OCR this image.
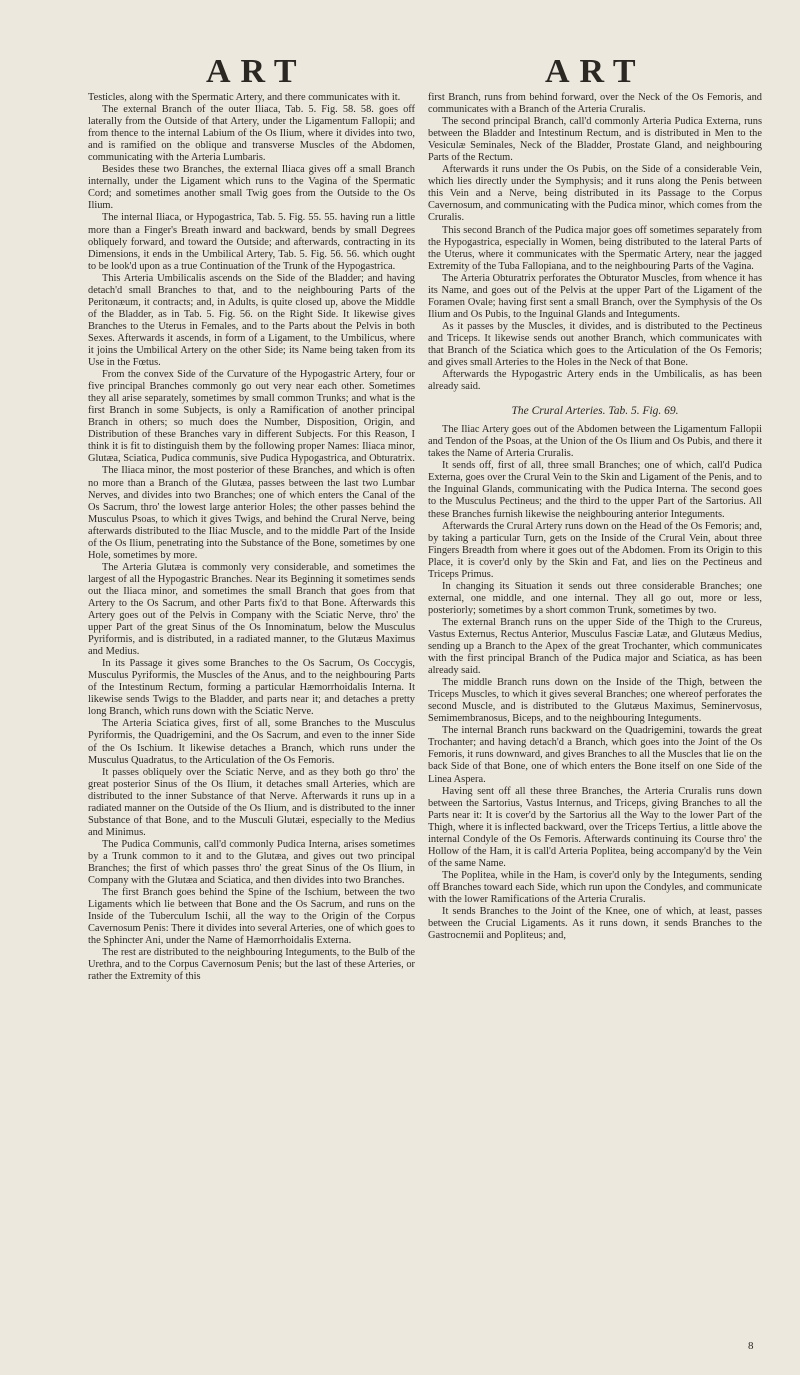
ART	ART

Testicles, along with the Spermatic Artery, and there communicates with it.

The external Branch of the outer Iliaca, Tab. 5. Fig. 58. 58. goes off laterally from the Outside of that Artery, under the Ligamentum Fallopii; and from thence to the internal Labium of the Os Ilium, where it divides into two, and is ramified on the oblique and transverse Muscles of the Abdomen, communicating with the Arteria Lumbaris.

Besides these two Branches, the external Iliaca gives off a small Branch internally, under the Ligament which runs to the Vagina of the Spermatic Cord; and sometimes another small Twig goes from the Outside to the Os Ilium.

The internal Iliaca, or Hypogastrica, Tab. 5. Fig. 55. 55. having run a little more than a Finger's Breath inward and backward, bends by small Degrees obliquely forward, and toward the Outside; and afterwards, contracting in its Dimensions, it ends in the Umbilical Artery, Tab. 5. Fig. 56. 56. which ought to be look'd upon as a true Continuation of the Trunk of the Hypogastrica.

This Arteria Umbilicalis ascends on the Side of the Bladder; and having detach'd small Branches to that, and to the neighbouring Parts of the Peritonæum, it contracts; and, in Adults, is quite closed up, above the Middle of the Bladder, as in Tab. 5. Fig. 56. on the Right Side. It likewise gives Branches to the Uterus in Females, and to the Parts about the Pelvis in both Sexes. Afterwards it ascends, in form of a Ligament, to the Umbilicus, where it joins the Umbilical Artery on the other Side; its Name being taken from its Use in the Fœtus.

From the convex Side of the Curvature of the Hypogastric Artery, four or five principal Branches commonly go out very near each other. Sometimes they all arise separately, sometimes by small common Trunks; and what is the first Branch in some Subjects, is only a Ramification of another principal Branch in others; so much does the Number, Disposition, Origin, and Distribution of these Branches vary in different Subjects. For this Reason, I think it is fit to distinguish them by the following proper Names: Iliaca minor, Glutæa, Sciatica, Pudica communis, sive Pudica Hypogastrica, and Obturatrix.

The Iliaca minor, the most posterior of these Branches, and which is often no more than a Branch of the Glutæa, passes between the last two Lumbar Nerves, and divides into two Branches; one of which enters the Canal of the Os Sacrum, thro' the lowest large anterior Holes; the other passes behind the Musculus Psoas, to which it gives Twigs, and behind the Crural Nerve, being afterwards distributed to the Iliac Muscle, and to the middle Part of the Inside of the Os Ilium, penetrating into the Substance of the Bone, sometimes by one Hole, sometimes by more.

The Arteria Glutæa is commonly very considerable, and sometimes the largest of all the Hypogastric Branches. Near its Beginning it sometimes sends out the Iliaca minor, and sometimes the small Branch that goes from that Artery to the Os Sacrum, and other Parts fix'd to that Bone. Afterwards this Artery goes out of the Pelvis in Company with the Sciatic Nerve, thro' the upper Part of the great Sinus of the Os Innominatum, below the Musculus Pyriformis, and is distributed, in a radiated manner, to the Glutæus Maximus and Medius.

In its Passage it gives some Branches to the Os Sacrum, Os Coccygis, Musculus Pyriformis, the Muscles of the Anus, and to the neighbouring Parts of the Intestinum Rectum, forming a particular Hæmorrhoidalis Interna. It likewise sends Twigs to the Bladder, and parts near it; and detaches a pretty long Branch, which runs down with the Sciatic Nerve.

The Arteria Sciatica gives, first of all, some Branches to the Musculus Pyriformis, the Quadrigemini, and the Os Sacrum, and even to the inner Side of the Os Ischium. It likewise detaches a Branch, which runs under the Musculus Quadratus, to the Articulation of the Os Femoris.

It passes obliquely over the Sciatic Nerve, and as they both go thro' the great posterior Sinus of the Os Ilium, it detaches small Arteries, which are distributed to the inner Substance of that Nerve. Afterwards it runs up in a radiated manner on the Outside of the Os Ilium, and is distributed to the inner Substance of that Bone, and to the Musculi Glutæi, especially to the Medius and Minimus.

The Pudica Communis, call'd commonly Pudica Interna, arises sometimes by a Trunk common to it and to the Glutæa, and gives out two principal Branches; the first of which passes thro' the great Sinus of the Os Ilium, in Company with the Glutæa and Sciatica, and then divides into two Branches.

The first Branch goes behind the Spine of the Ischium, between the two Ligaments which lie between that Bone and the Os Sacrum, and runs on the Inside of the Tuberculum Ischii, all the way to the Origin of the Corpus Cavernosum Penis: There it divides into several Arteries, one of which goes to the Sphincter Ani, under the Name of Hæmorrhoidalis Externa.

The rest are distributed to the neighbouring Integuments, to the Bulb of the Urethra, and to the Corpus Cavernosum Penis; but the last of these Arteries, or rather the Extremity of this

first Branch, runs from behind forward, over the Neck of the Os Femoris, and communicates with a Branch of the Arteria Cruralis.

The second principal Branch, call'd commonly Arteria Pudica Externa, runs between the Bladder and Intestinum Rectum, and is distributed in Men to the Vesiculæ Seminales, Neck of the Bladder, Prostate Gland, and neighbouring Parts of the Rectum.

Afterwards it runs under the Os Pubis, on the Side of a considerable Vein, which lies directly under the Symphysis; and it runs along the Penis between this Vein and a Nerve, being distributed in its Passage to the Corpus Cavernosum, and communicating with the Pudica minor, which comes from the Cruralis.

This second Branch of the Pudica major goes off sometimes separately from the Hypogastrica, especially in Women, being distributed to the lateral Parts of the Uterus, where it communicates with the Spermatic Artery, near the jagged Extremity of the Tuba Fallopiana, and to the neighbouring Parts of the Vagina.

The Arteria Obturatrix perforates the Obturator Muscles, from whence it has its Name, and goes out of the Pelvis at the upper Part of the Ligament of the Foramen Ovale; having first sent a small Branch, over the Symphysis of the Os Ilium and Os Pubis, to the Inguinal Glands and Integuments.

As it passes by the Muscles, it divides, and is distributed to the Pectineus and Triceps. It likewise sends out another Branch, which communicates with that Branch of the Sciatica which goes to the Articulation of the Os Femoris; and gives small Arteries to the Holes in the Neck of that Bone.

Afterwards the Hypogastric Artery ends in the Umbilicalis, as has been already said.

The Crural Arteries. Tab. 5. Fig. 69.

The Iliac Artery goes out of the Abdomen between the Ligamentum Fallopii and Tendon of the Psoas, at the Union of the Os Ilium and Os Pubis, and there it takes the Name of Arteria Cruralis.

It sends off, first of all, three small Branches; one of which, call'd Pudica Externa, goes over the Crural Vein to the Skin and Ligament of the Penis, and to the Inguinal Glands, communicating with the Pudica Interna. The second goes to the Musculus Pectineus; and the third to the upper Part of the Sartorius. All these Branches furnish likewise the neighbouring anterior Integuments.

Afterwards the Crural Artery runs down on the Head of the Os Femoris; and, by taking a particular Turn, gets on the Inside of the Crural Vein, about three Fingers Breadth from where it goes out of the Abdomen. From its Origin to this Place, it is cover'd only by the Skin and Fat, and lies on the Pectineus and Triceps Primus.

In changing its Situation it sends out three considerable Branches; one external, one middle, and one internal. They all go out, more or less, posteriorly; sometimes by a short common Trunk, sometimes by two.

The external Branch runs on the upper Side of the Thigh to the Crureus, Vastus Externus, Rectus Anterior, Musculus Fasciæ Latæ, and Glutæus Medius, sending up a Branch to the Apex of the great Trochanter, which communicates with the first principal Branch of the Pudica major and Sciatica, as has been already said.

The middle Branch runs down on the Inside of the Thigh, between the Triceps Muscles, to which it gives several Branches; one whereof perforates the second Muscle, and is distributed to the Glutæus Maximus, Seminervosus, Semimembranosus, Biceps, and to the neighbouring Integuments.

The internal Branch runs backward on the Quadrigemini, towards the great Trochanter; and having detach'd a Branch, which goes into the Joint of the Os Femoris, it runs downward, and gives Branches to all the Muscles that lie on the back Side of that Bone, one of which enters the Bone itself on one Side of the Linea Aspera.

Having sent off all these three Branches, the Arteria Cruralis runs down between the Sartorius, Vastus Internus, and Triceps, giving Branches to all the Parts near it: It is cover'd by the Sartorius all the Way to the lower Part of the Thigh, where it is inflected backward, over the Triceps Tertius, a little above the internal Condyle of the Os Femoris. Afterwards continuing its Course thro' the Hollow of the Ham, it is call'd Arteria Poplitea, being accompany'd by the Vein of the same Name.

The Poplitea, while in the Ham, is cover'd only by the Integuments, sending off Branches toward each Side, which run upon the Condyles, and communicate with the lower Ramifications of the Arteria Cruralis.

It sends Branches to the Joint of the Knee, one of which, at least, passes between the Crucial Ligaments. As it runs down, it sends Branches to the Gastrocnemii and Popliteus; and,

8
